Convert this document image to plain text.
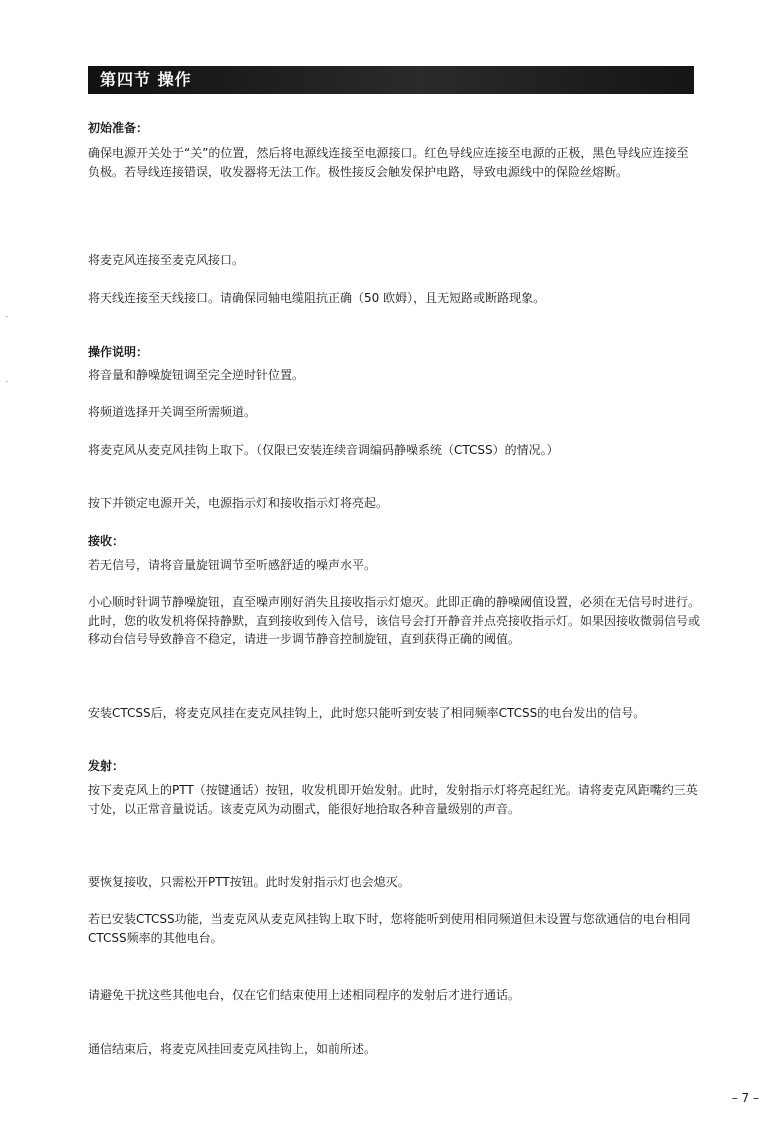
第四节 操作
初始准备：
确保电源开关处于“关”的位置，然后将电源线连接至电源接口。红色导线应连接至电源的正极，黑色导线应连接至负极。若导线连接错误，收发器将无法工作。极性接反会触发保护电路，导致电源线中的保险丝熔断。
将麦克风连接至麦克风接口。
将天线连接至天线接口。请确保同轴电缆阻抗正确（50 欧姆），且无短路或断路现象。
操作说明：
将音量和静噪旋钮调至完全逆时针位置。
将频道选择开关调至所需频道。
将麦克风从麦克风挂钩上取下。（仅限已安装连续音调编码静噪系统（CTCSS）的情况。）
按下并锁定电源开关，电源指示灯和接收指示灯将亮起。
接收：
若无信号，请将音量旋钮调节至听感舒适的噪声水平。
小心顺时针调节静噪旋钮，直至噪声刚好消失且接收指示灯熄灭。此即正确的静噪阈值设置，必须在无信号时进行。此时，您的收发机将保持静默，直到接收到传入信号，该信号会打开静音并点亮接收指示灯。如果因接收微弱信号或移动台信号导致静音不稳定，请进一步调节静音控制旋钮，直到获得正确的阈值。
安装CTCSS后，将麦克风挂在麦克风挂钩上，此时您只能听到安装了相同频率CTCSS的电台发出的信号。
发射：
按下麦克风上的PTT（按键通话）按钮，收发机即开始发射。此时，发射指示灯将亮起红光。请将麦克风距嘴约三英寸处，以正常音量说话。该麦克风为动圈式，能很好地拾取各种音量级别的声音。
要恢复接收，只需松开PTT按钮。此时发射指示灯也会熄灭。
若已安装CTCSS功能，当麦克风从麦克风挂钩上取下时，您将能听到使用相同频道但未设置与您欲通信的电台相同CTCSS频率的其他电台。
请避免干扰这些其他电台，仅在它们结束使用上述相同程序的发射后才进行通话。
通信结束后，将麦克风挂回麦克风挂钩上，如前所述。
– 7 –
